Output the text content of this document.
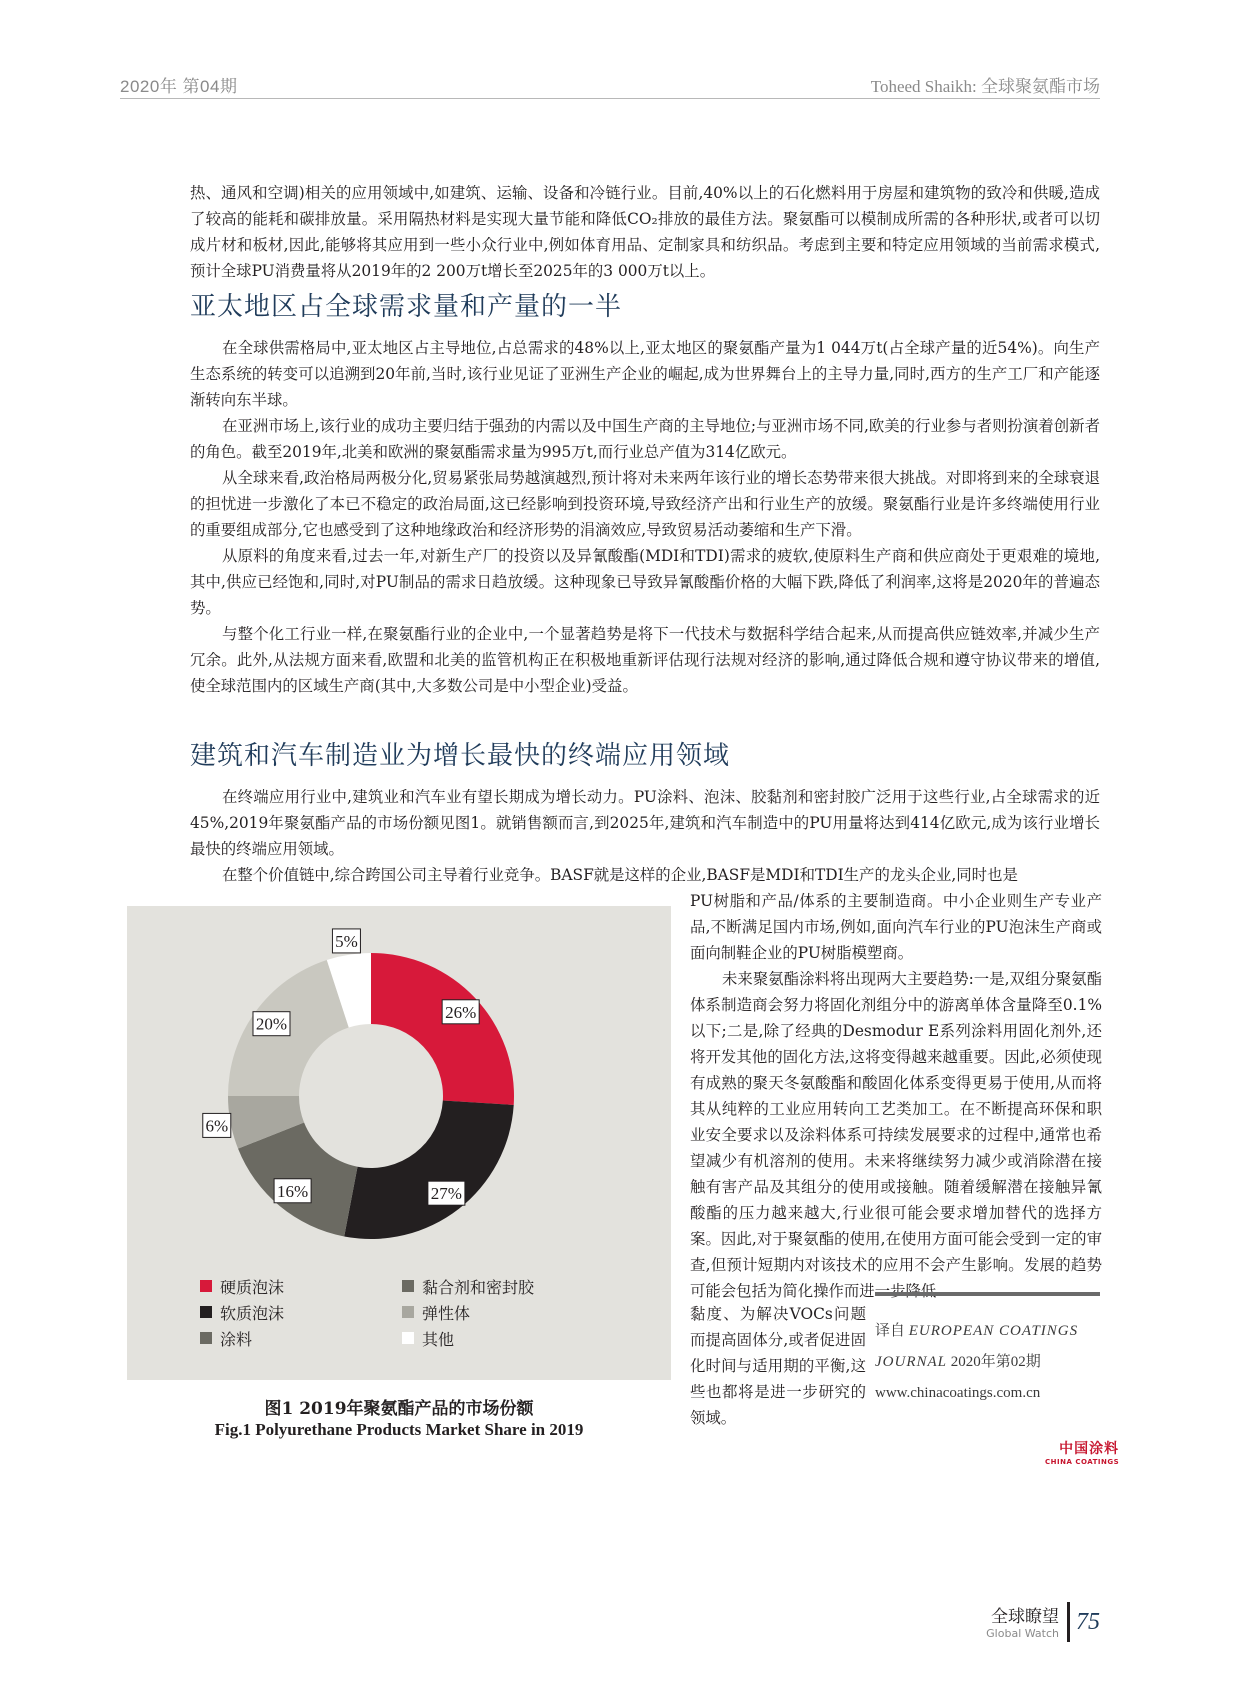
2020年 第04期	Toheed Shaikh: 全球聚氨酯市场

热、通风和空调)相关的应用领域中,如建筑、运输、设备和冷链行业。目前,40%以上的石化燃料用于房屋和建筑物的致冷和供暖,造成了较高的能耗和碳排放量。采用隔热材料是实现大量节能和降低CO₂排放的最佳方法。聚氨酯可以模制成所需的各种形状,或者可以切成片材和板材,因此,能够将其应用到一些小众行业中,例如体育用品、定制家具和纺织品。考虑到主要和特定应用领域的当前需求模式,预计全球PU消费量将从2019年的2 200万t增长至2025年的3 000万t以上。

亚太地区占全球需求量和产量的一半

在全球供需格局中,亚太地区占主导地位,占总需求的48%以上,亚太地区的聚氨酯产量为1 044万t(占全球产量的近54%)。向生产生态系统的转变可以追溯到20年前,当时,该行业见证了亚洲生产企业的崛起,成为世界舞台上的主导力量,同时,西方的生产工厂和产能逐渐转向东半球。

在亚洲市场上,该行业的成功主要归结于强劲的内需以及中国生产商的主导地位;与亚洲市场不同,欧美的行业参与者则扮演着创新者的角色。截至2019年,北美和欧洲的聚氨酯需求量为995万t,而行业总产值为314亿欧元。

从全球来看,政治格局两极分化,贸易紧张局势越演越烈,预计将对未来两年该行业的增长态势带来很大挑战。对即将到来的全球衰退的担忧进一步激化了本已不稳定的政治局面,这已经影响到投资环境,导致经济产出和行业生产的放缓。聚氨酯行业是许多终端使用行业的重要组成部分,它也感受到了这种地缘政治和经济形势的涓滴效应,导致贸易活动萎缩和生产下滑。

从原料的角度来看,过去一年,对新生产厂的投资以及异氰酸酯(MDI和TDI)需求的疲软,使原料生产商和供应商处于更艰难的境地,其中,供应已经饱和,同时,对PU制品的需求日趋放缓。这种现象已导致异氰酸酯价格的大幅下跌,降低了利润率,这将是2020年的普遍态势。

与整个化工行业一样,在聚氨酯行业的企业中,一个显著趋势是将下一代技术与数据科学结合起来,从而提高供应链效率,并减少生产冗余。此外,从法规方面来看,欧盟和北美的监管机构正在积极地重新评估现行法规对经济的影响,通过降低合规和遵守协议带来的增值,使全球范围内的区域生产商(其中,大多数公司是中小型企业)受益。

建筑和汽车制造业为增长最快的终端应用领域

在终端应用行业中,建筑业和汽车业有望长期成为增长动力。PU涂料、泡沫、胶黏剂和密封胶广泛用于这些行业,占全球需求的近45%,2019年聚氨酯产品的市场份额见图1。就销售额而言,到2025年,建筑和汽车制造中的PU用量将达到414亿欧元,成为该行业增长最快的终端应用领域。

在整个价值链中,综合跨国公司主导着行业竞争。BASF就是这样的企业,BASF是MDI和TDI生产的龙头企业,同时也是

26%
27%
16%
6%
20%
5%
硬质泡沫
软质泡沫
涂料
黏合剂和密封胶
弹性体
其他
图1 2019年聚氨酯产品的市场份额
Fig.1 Polyurethane Products Market Share in 2019

PU树脂和产品/体系的主要制造商。中小企业则生产专业产品,不断满足国内市场,例如,面向汽车行业的PU泡沫生产商或面向制鞋企业的PU树脂模塑商。

未来聚氨酯涂料将出现两大主要趋势:一是,双组分聚氨酯体系制造商会努力将固化剂组分中的游离单体含量降至0.1%以下;二是,除了经典的Desmodur E系列涂料用固化剂外,还将开发其他的固化方法,这将变得越来越重要。因此,必须使现有成熟的聚天冬氨酸酯和酸固化体系变得更易于使用,从而将其从纯粹的工业应用转向工艺类加工。在不断提高环保和职业安全要求以及涂料体系可持续发展要求的过程中,通常也希望减少有机溶剂的使用。未来将继续努力减少或消除潜在接触有害产品及其组分的使用或接触。随着缓解潜在接触异氰酸酯的压力越来越大,行业很可能会要求增加替代的选择方案。因此,对于聚氨酯的使用,在使用方面可能会受到一定的审查,但预计短期内对该技术的应用不会产生影响。发展的趋势可能会包括为简化操作而进一步降低

黏度、为解决VOCs问题而提高固体分,或者促进固化时间与适用期的平衡,这些也都将是进一步研究的领域。
译自 EUROPEAN COATINGS
JOURNAL 2020年第02期
www.chinacoatings.com.cn
中国涂料
CHINA COATINGS
全球瞭望
Global Watch 75
